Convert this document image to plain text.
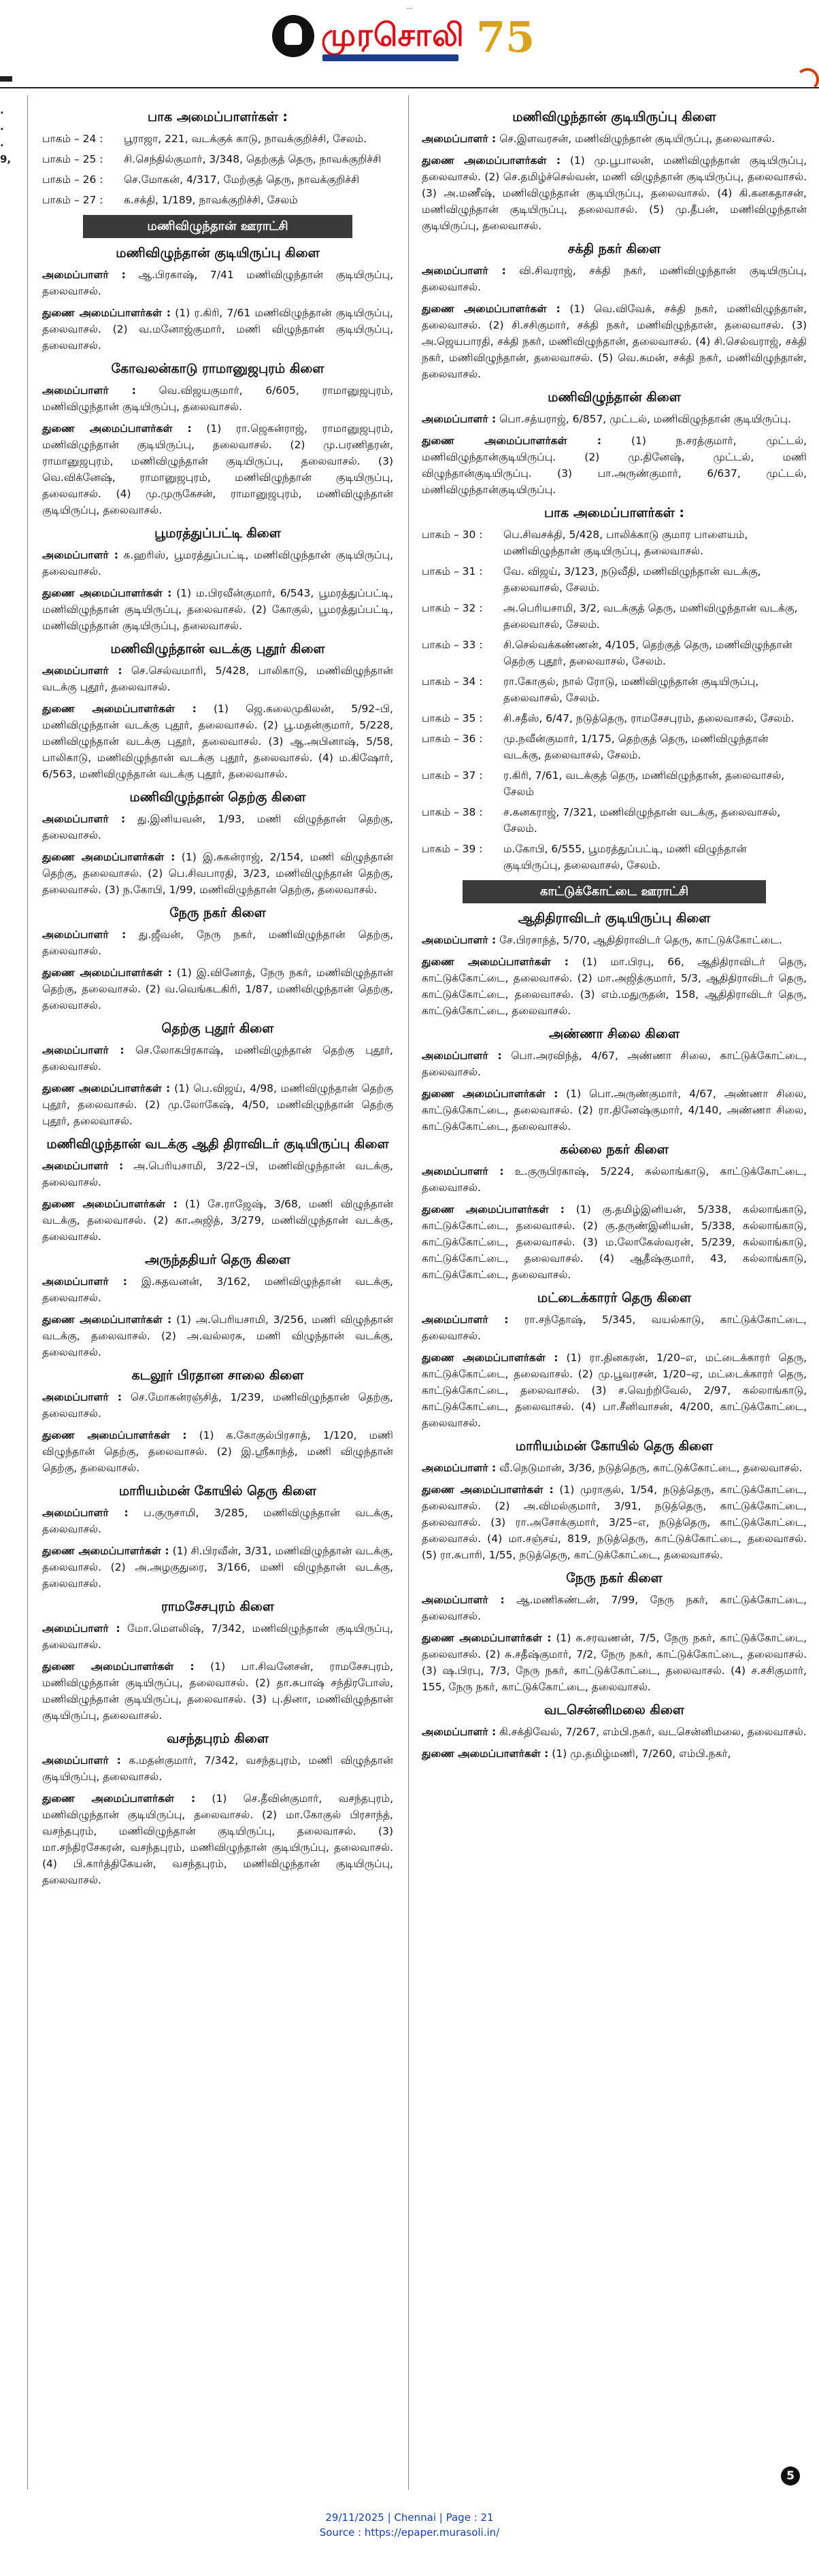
…
முரசொலி 75
.
.
.
9,
பாக அமைப்பாளர்கள் :
பாகம் – 24 :	பூராஜா, 221, வடக்குக் காடு, நாவக்குறிச்சி, சேலம்.
பாகம் – 25 :	சி.செந்தில்குமார், 3/348, தெற்குத் தெரு, நாவக்குறிச்சி
பாகம் – 26 :	செ.மோகன், 4/317, மேற்குத் தெரு, நாவக்குறிச்சி
பாகம் – 27 :	க.சக்தி, 1/189, நாவக்குறிச்சி, சேலம்
மணிவிழுந்தான் ஊராட்சி
மணிவிழுந்தான் குடியிருப்பு கிளை
அமைப்பாளர் : ஆ.பிரகாஷ், 7/41 மணிவிழுந்தான் குடியிருப்பு, தலைவாசல்.
துணை அமைப்பாளர்கள் : (1) ர.கிரி, 7/61 மணிவிழுந்தான் குடியிருப்பு, தலைவாசல். (2) வ.மனோஜ்குமார், மணி விழுந்தான் குடியிருப்பு, தலைவாசல்.
கோவலன்காடு ராமானுஜபுரம் கிளை
அமைப்பாளர் : வெ.விஜயகுமார், 6/605, ராமானுஜபுரம், மணிவிழுந்தான் குடியிருப்பு, தலைவாசல்.
துணை அமைப்பாளர்கள் : (1) ரா.ஜெகன்ராஜ், ராமானுஜபுரம், மணிவிழுந்தான் குடியிருப்பு, தலைவாசல். (2) மு.பரணிதரன், ராமானுஜபுரம், மணிவிழுந்தான் குடியிருப்பு, தலைவாசல். (3) வெ.விக்னேஷ், ராமானுஜபுரம், மணிவிழுந்தான் குடியிருப்பு, தலைவாசல். (4) மு.முருகேசன், ராமானுஜபுரம், மணிவிழுந்தான் குடியிருப்பு, தலைவாசல்.
பூமரத்துப்பட்டி கிளை
அமைப்பாளர் : க.ஹரிஸ், பூமரத்துப்பட்டி, மணிவிழுந்தான் குடியிருப்பு, தலைவாசல்.
துணை அமைப்பாளர்கள் : (1) ம.பிரவீன்குமார், 6/543, பூமரத்துப்பட்டி, மணிவிழுந்தான் குடியிருப்பு, தலைவாசல். (2) கோகுல், பூமரத்துப்பட்டி, மணிவிழுந்தான் குடியிருப்பு, தலைவாசல்.
மணிவிழுந்தான் வடக்கு புதூர் கிளை
அமைப்பாளர் : செ.செல்வமாரி, 5/428, பாலிகாடு, மணிவிழுந்தான் வடக்கு புதூர், தலைவாசல்.
துணை அமைப்பாளர்கள் : (1) ஜெ.கலைமுகிலன், 5/92–பி, மணிவிழுந்தான் வடக்கு புதூர், தலைவாசல். (2) பூ.மதன்குமார், 5/228, மணிவிழுந்தான் வடக்கு புதூர், தலைவாசல். (3) ஆ.அபினாஷ், 5/58, பாலிகாடு, மணிவிழுந்தான் வடக்கு புதூர், தலைவாசல். (4) ம.கிஷோர், 6/563, மணிவிழுந்தான் வடக்கு புதூர், தலைவாசல்.
மணிவிழுந்தான் தெற்கு கிளை
அமைப்பாளர் : து.இனியவன், 1/93, மணி விழுந்தான் தெற்கு, தலைவாசல்.
துணை அமைப்பாளர்கள் : (1) இ.சுகன்ராஜ், 2/154, மணி விழுந்தான் தெற்கு, தலைவாசல். (2) பெ.சிவபாரதி, 3/23, மணிவிழுந்தான் தெற்கு, தலைவாசல். (3) ந.கோபி, 1/99, மணிவிழுந்தான் தெற்கு, தலைவாசல்.
நேரு நகர் கிளை
அமைப்பாளர் : து.ஜீவன், நேரு நகர், மணிவிழுந்தான் தெற்கு, தலைவாசல்.
துணை அமைப்பாளர்கள் : (1) இ.வினோத், நேரு நகர், மணிவிழுந்தான் தெற்கு, தலைவாசல். (2) வ.வெங்கடகிரி, 1/87, மணிவிழுந்தான் தெற்கு, தலைவாசல்.
தெற்கு புதூர் கிளை
அமைப்பாளர் : செ.லோகபிரகாஷ், மணிவிழுந்தான் தெற்கு புதூர், தலைவாசல்.
துணை அமைப்பாளர்கள் : (1) பெ.விஜய், 4/98, மணிவிழுந்தான் தெற்கு புதூர், தலைவாசல். (2) மு.லோகேஷ், 4/50, மணிவிழுந்தான் தெற்கு புதூர், தலைவாசல்.
மணிவிழுந்தான் வடக்கு ஆதி திராவிடர் குடியிருப்பு கிளை
அமைப்பாளர் : அ.பெரியசாமி, 3/22–பி, மணிவிழுந்தான் வடக்கு, தலைவாசல்.
துணை அமைப்பாளர்கள் : (1) சே.ராஜேஷ், 3/68, மணி விழுந்தான் வடக்கு, தலைவாசல். (2) கா.அஜித், 3/279, மணிவிழுந்தான் வடக்கு, தலைவாசல்.
அருந்ததியர் தெரு கிளை
அமைப்பாளர் : இ.சுதவனன், 3/162, மணிவிழுந்தான் வடக்கு, தலைவாசல்.
துணை அமைப்பாளர்கள் : (1) அ.பெரியசாமி, 3/256, மணி விழுந்தான் வடக்கு, தலைவாசல். (2) அ.வல்லரசு, மணி விழுந்தான் வடக்கு, தலைவாசல்.
கடலூர் பிரதான சாலை கிளை
அமைப்பாளர் : செ.மோகன்ரஞ்சித், 1/239, மணிவிழுந்தான் தெற்கு, தலைவாசல்.
துணை அமைப்பாளர்கள் : (1) க.கோகுல்பிரசாத், 1/120, மணி விழுந்தான் தெற்கு, தலைவாசல். (2) இ.ஸ்ரீகாந்த், மணி விழுந்தான் தெற்கு, தலைவாசல்.
மாரியம்மன் கோயில் தெரு கிளை
அமைப்பாளர் : ப.குருசாமி, 3/285, மணிவிழுந்தான் வடக்கு, தலைவாசல்.
துணை அமைப்பாளர்கள் : (1) சி.பிரவீன், 3/31, மணிவிழுந்தான் வடக்கு, தலைவாசல். (2) அ.அழகுதுரை, 3/166, மணி விழுந்தான் வடக்கு, தலைவாசல்.
ராமசேசபுரம் கிளை
அமைப்பாளர் : மோ.மௌலிஷ், 7/342, மணிவிழுந்தான் குடியிருப்பு, தலைவாசல்.
துணை அமைப்பாளர்கள் : (1) பா.சிவனேசன், ராமசேசபுரம், மணிவிழுந்தான் குடியிருப்பு, தலைவாசல். (2) தா.சுபாஷ் சந்திரபோஸ், மணிவிழுந்தான் குடியிருப்பு, தலைவாசல். (3) பு.தினா, மணிவிழுந்தான் குடியிருப்பு, தலைவாசல்.
வசந்தபுரம் கிளை
அமைப்பாளர் : க.மதன்குமார், 7/342, வசந்தபுரம், மணி விழுந்தான் குடியிருப்பு, தலைவாசல்.
துணை அமைப்பாளர்கள் : (1) செ.தீவின்குமார், வசந்தபுரம், மணிவிழுந்தான் குடியிருப்பு, தலைவாசல். (2) மா.கோகுல் பிரசாந்த், வசந்தபுரம், மணிவிழுந்தான் குடியிருப்பு, தலைவாசல். (3) மா.சந்திரசேகரன், வசந்தபுரம், மணிவிழுந்தான் குடியிருப்பு, தலைவாசல். (4) பி.கார்த்திகேயன், வசந்தபுரம், மணிவிழுந்தான் குடியிருப்பு, தலைவாசல்.
மணிவிழுந்தான் குடியிருப்பு கிளை
அமைப்பாளர் : செ.இளவரசன், மணிவிழுந்தான் குடியிருப்பு, தலைவாசல்.
துணை அமைப்பாளர்கள் : (1) மு.பூபாலன், மணிவிழுந்தான் குடியிருப்பு, தலைவாசல். (2) செ.தமிழ்ச்செல்வன், மணி விழுந்தான் குடியிருப்பு, தலைவாசல். (3) அ.மணீஷ், மணிவிழுந்தான் குடியிருப்பு, தலைவாசல். (4) கி.கனகதாசன், மணிவிழுந்தான் குடியிருப்பு, தலைவாசல். (5) மு.தீபன், மணிவிழுந்தான் குடியிருப்பு, தலைவாசல்.
சக்தி நகர் கிளை
அமைப்பாளர் : வி.சிவராஜ், சக்தி நகர், மணிவிழுந்தான் குடியிருப்பு, தலைவாசல்.
துணை அமைப்பாளர்கள் : (1) வெ.விவேக், சக்தி நகர், மணிவிழுந்தான், தலைவாசல். (2) சி.சசிகுமார், சக்தி நகர், மணிவிழுந்தான், தலைவாசல். (3) அ.ஜெயபாரதி, சக்தி நகர், மணிவிழுந்தான், தலைவாசல். (4) சி.செல்வராஜ், சக்தி நகர், மணிவிழுந்தான், தலைவாசல். (5) வெ.சுமன், சக்தி நகர், மணிவிழுந்தான், தலைவாசல்.
மணிவிழுந்தான் கிளை
அமைப்பாளர் : பொ.சத்யராஜ், 6/857, முட்டல், மணிவிழுந்தான் குடியிருப்பு.
துணை அமைப்பாளர்கள் :	(1) ந.சரத்குமார், முட்டல், மணிவிழுந்தான்குடியிருப்பு. (2) மு.தினேஷ், முட்டல், மணி விழுந்தான்குடியிருப்பு. (3) பா.அருண்குமார், 6/637, முட்டல், மணிவிழுந்தான்குடியிருப்பு.
பாக அமைப்பாளர்கள் :
பாகம் – 30 :	பெ.சிவசக்தி, 5/428, பாலிக்காடு குமார பாளையம், மணிவிழுந்தான் குடியிருப்பு, தலைவாசல்.
பாகம் – 31 :	வே. விஜய், 3/123, நடுவீதி, மணிவிழுந்தான் வடக்கு, தலைவாசல், சேலம்.
பாகம் – 32 :	அ.பெரியசாமி, 3/2, வடக்குத் தெரு, மணிவிழுந்தான் வடக்கு, தலைவாசல், சேலம்.
பாகம் – 33 :	சி.செல்வக்கண்ணன், 4/105, தெற்குத் தெரு, மணிவிழுந்தான் தெற்கு புதூர், தலைவாசல், சேலம்.
பாகம் – 34 :	ரா.கோகுல், நால் ரோடு, மணிவிழுந்தான் குடியிருப்பு, தலைவாசல், சேலம்.
பாகம் – 35 :	சி.சதீஸ், 6/47, நடுத்தெரு, ராமசேசபுரம், தலைவாசல், சேலம்.
பாகம் – 36 :	மு.நவீன்குமார், 1/175, தெற்குத் தெரு, மணிவிழுந்தான் வடக்கு, தலைவாசல், சேலம்.
பாகம் – 37 :	ர.கிரி, 7/61, வடக்குத் தெரு, மணிவிழுந்தான், தலைவாசல், சேலம்
பாகம் – 38 :	ச.கனகராஜ், 7/321, மணிவிழுந்தான் வடக்கு, தலைவாசல், சேலம்.
பாகம் – 39 :	ம.கோபி, 6/555, பூமரத்துப்பட்டி, மணி விழுந்தான் குடியிருப்பு, தலைவாசல், சேலம்.
காட்டுக்கோட்டை ஊராட்சி
ஆதிதிராவிடர் குடியிருப்பு கிளை
அமைப்பாளர் : சே.பிரசாந்த், 5/70, ஆதிதிராவிடர் தெரு, காட்டுக்கோட்டை.
துணை அமைப்பாளர்கள் : (1) மா.பிரபு, 66, ஆதிதிராவிடர் தெரு, காட்டுக்கோட்டை, தலைவாசல். (2) மா.அஜித்குமார், 5/3, ஆதிதிராவிடர் தெரு, காட்டுக்கோட்டை, தலைவாசல். (3) எம்.மதுருதன், 158, ஆதிதிராவிடர் தெரு, காட்டுக்கோட்டை, தலைவாசல்.
அண்ணா சிலை கிளை
அமைப்பாளர் : பொ.அரவிந்த், 4/67, அண்ணா சிலை, காட்டுக்கோட்டை, தலைவாசல்.
துணை அமைப்பாளர்கள் : (1) பொ.அருண்குமார், 4/67, அண்ணா சிலை, காட்டுக்கோட்டை, தலைவாசல். (2) ரா.தினேஷ்குமார், 4/140, அண்ணா சிலை, காட்டுக்கோட்டை, தலைவாசல்.
கல்லை நகர் கிளை
அமைப்பாளர் : உ.குருபிரகாஷ், 5/224, கல்லாங்காடு, காட்டுக்கோட்டை, தலைவாசல்.
துணை அமைப்பாளர்கள் : (1) கு.தமிழ்இனியன், 5/338, கல்லாங்காடு, காட்டுக்கோட்டை, தலைவாசல். (2) கு.தருண்இனியன், 5/338, கல்லாங்காடு, காட்டுக்கோட்டை, தலைவாசல். (3) ம.லோகேஸ்வரன், 5/239, கல்லாங்காடு, காட்டுக்கோட்டை, தலைவாசல். (4) ஆதீஷ்குமார், 43, கல்லாங்காடு, காட்டுக்கோட்டை, தலைவாசல்.
மட்டைக்காரர் தெரு கிளை
அமைப்பாளர் : ரா.சந்தோஷ், 5/345, வயல்காடு, காட்டுக்கோட்டை, தலைவாசல்.
துணை அமைப்பாளர்கள் : (1) ரா.தினகரன், 1/20–எ, மட்டைக்காரர் தெரு, காட்டுக்கோட்டை, தலைவாசல். (2) மு.பூவரசன், 1/20–ஏ, மட்டைக்காரர் தெரு, காட்டுக்கோட்டை, தலைவாசல். (3) ச.வெற்றிவேல், 2/97, கல்லாங்காடு, காட்டுக்கோட்டை, தலைவாசல். (4) பா.சீனிவாசன், 4/200, காட்டுக்கோட்டை, தலைவாசல்.
மாரியம்மன் கோயில் தெரு கிளை
அமைப்பாளர் : வீ.நெடுமான், 3/36, நடுத்தெரு, காட்டுக்கோட்டை, தலைவாசல்.
துணை அமைப்பாளர்கள் : (1) முராகுல், 1/54, நடுத்தெரு, காட்டுக்கோட்டை, தலைவாசல். (2) அ.விமல்குமார், 3/91, நடுத்தெரு, காட்டுக்கோட்டை, தலைவாசல். (3) ரா.அசோக்குமார், 3/25–எ, நடுத்தெரு, காட்டுக்கோட்டை, தலைவாசல். (4) மா.சஞ்சய், 819, நடுத்தெரு, காட்டுக்கோட்டை, தலைவாசல். (5) ரா.சுபாரி, 1/55, நடுத்தெரு, காட்டுக்கோட்டை, தலைவாசல்.
நேரு நகர் கிளை
அமைப்பாளர் : ஆ.மணிகண்டன், 7/99, நேரு நகர், காட்டுக்கோட்டை, தலைவாசல்.
துணை அமைப்பாளர்கள் : (1) சு.சரவணன், 7/5, நேரு நகர், காட்டுக்கோட்டை, தலைவாசல். (2) சு.சதீஷ்குமார், 7/2, நேரு நகர், காட்டுக்கோட்டை, தலைவாசல். (3) ஷ.பிரபு, 7/3, நேரு நகர், காட்டுக்கோட்டை, தலைவாசல். (4) ச.சசிகுமார், 155, நேரு நகர், காட்டுக்கோட்டை, தலைவாசல்.
வடசென்னிமலை கிளை
அமைப்பாளர் : கி.சக்திவேல், 7/267, எம்பி.நகர், வடசென்னிமலை, தலைவாசல்.
துணை அமைப்பாளர்கள் : (1) மு.தமிழ்மணி, 7/260, எம்பி.நகர்,
5
29/11/2025 | Chennai | Page : 21
Source : https://epaper.murasoli.in/
